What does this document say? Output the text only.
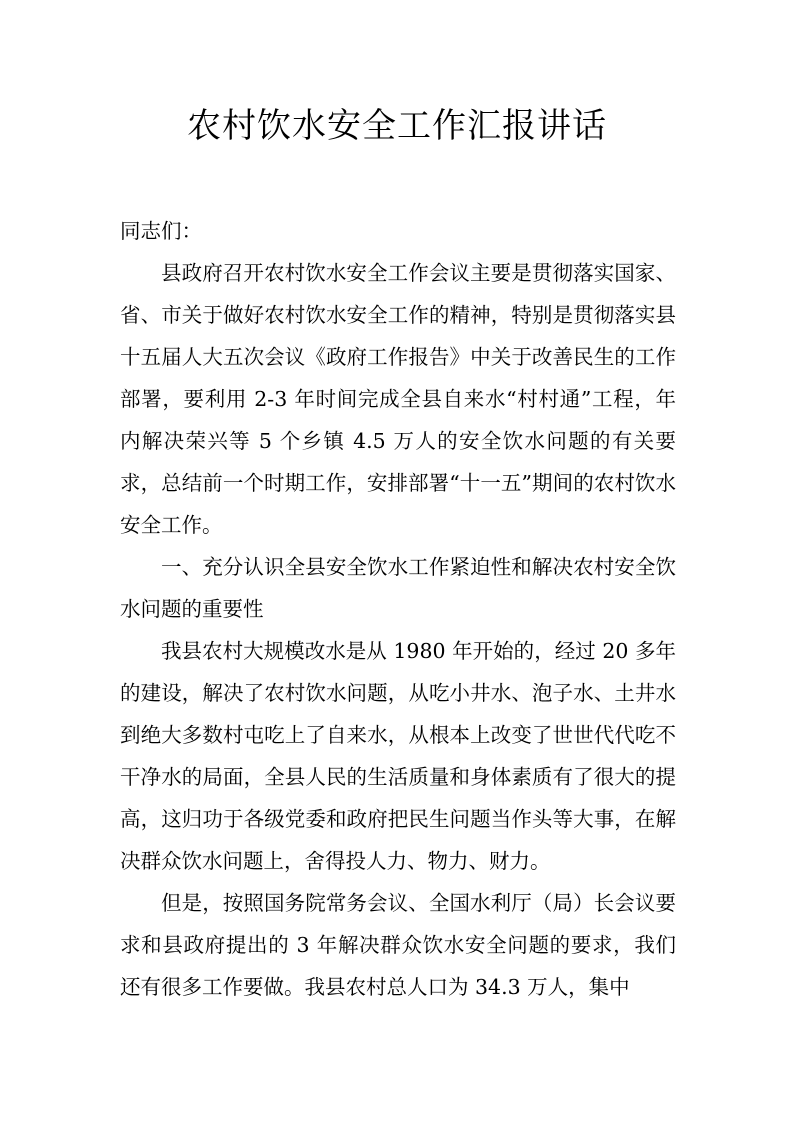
农村饮水安全工作汇报讲话

同志们：

县政府召开农村饮水安全工作会议主要是贯彻落实国家、省、市关于做好农村饮水安全工作的精神，特别是贯彻落实县十五届人大五次会议《政府工作报告》中关于改善民生的工作部署，要利用 2-3 年时间完成全县自来水“村村通”工程，年内解决荣兴等 5 个乡镇 4.5 万人的安全饮水问题的有关要求，总结前一个时期工作，安排部署“十一五”期间的农村饮水安全工作。

一、充分认识全县安全饮水工作紧迫性和解决农村安全饮水问题的重要性

我县农村大规模改水是从 1980 年开始的，经过 20 多年的建设，解决了农村饮水问题，从吃小井水、泡子水、土井水到绝大多数村屯吃上了自来水，从根本上改变了世世代代吃不干净水的局面，全县人民的生活质量和身体素质有了很大的提高，这归功于各级党委和政府把民生问题当作头等大事，在解决群众饮水问题上，舍得投人力、物力、财力。

但是，按照国务院常务会议、全国水利厅（局）长会议要求和县政府提出的 3 年解决群众饮水安全问题的要求，我们还有很多工作要做。我县农村总人口为 34.3 万人，集中
